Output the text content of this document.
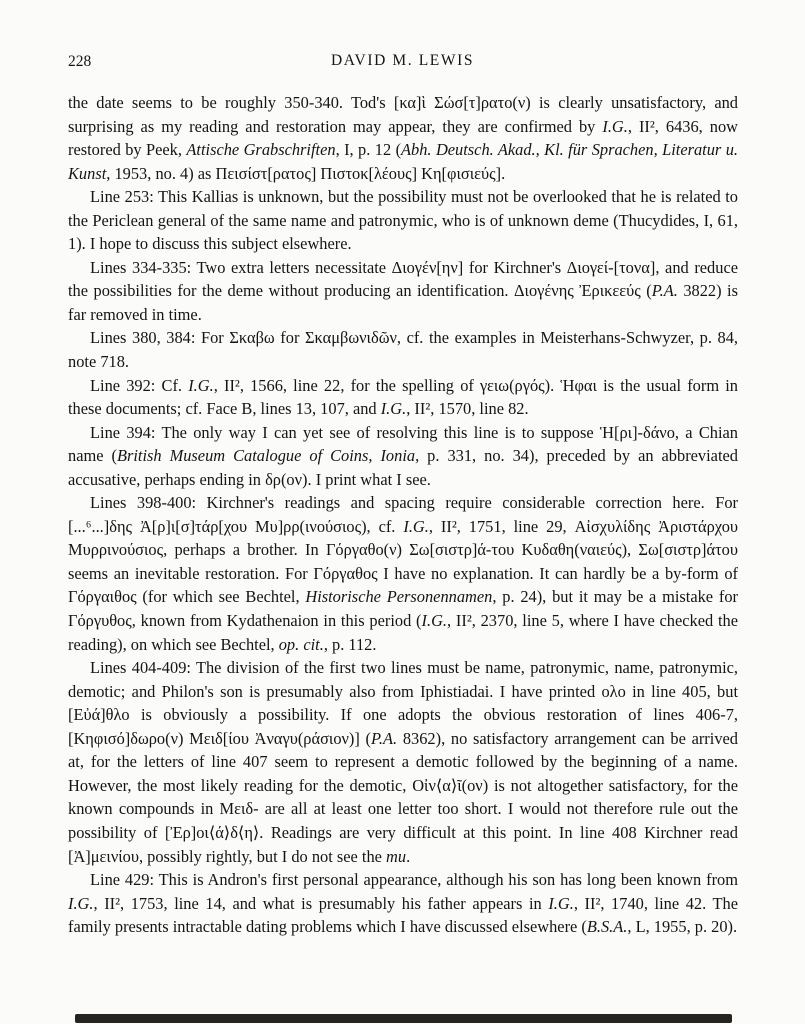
228	DAVID M. LEWIS

the date seems to be roughly 350-340. Tod's [κα]ὶ Σώσ[τ]ρατο(ν) is clearly unsatisfactory, and surprising as my reading and restoration may appear, they are confirmed by I.G., II², 6436, now restored by Peek, Attische Grabschriften, I, p. 12 (Abh. Deutsch. Akad., Kl. für Sprachen, Literatur u. Kunst, 1953, no. 4) as Πεισίστ[ρατος] Πιστοκ[λέους] Κη[φισιεύς].

Line 253: This Kallias is unknown, but the possibility must not be overlooked that he is related to the Periclean general of the same name and patronymic, who is of unknown deme (Thucydides, I, 61, 1). I hope to discuss this subject elsewhere.

Lines 334-335: Two extra letters necessitate Διογέν[ην] for Kirchner's Διογεί-[τονα], and reduce the possibilities for the deme without producing an identification. Διογένης Ἐρικεεύς (P.A. 3822) is far removed in time.

Lines 380, 384: For Σκαβω for Σκαμβωνιδῶν, cf. the examples in Meisterhans-Schwyzer, p. 84, note 718.

Line 392: Cf. I.G., II², 1566, line 22, for the spelling of γειω(ργός). Ἡφαι is the usual form in these documents; cf. Face B, lines 13, 107, and I.G., II², 1570, line 82.

Line 394: The only way I can yet see of resolving this line is to suppose Ἡ[ρι]-δάνο, a Chian name (British Museum Catalogue of Coins, Ionia, p. 331, no. 34), preceded by an abbreviated accusative, perhaps ending in δρ(ον). I print what I see.

Lines 398-400: Kirchner's readings and spacing require considerable correction here. For [...⁶...]δης Ἀ[ρ]ι[σ]τάρ[χου Μυ]ρρ(ινούσιος), cf. I.G., II², 1751, line 29, Αἰσχυλίδης Ἀριστάρχου Μυρρινούσιος, perhaps a brother. In Γόργαθο(ν) Σω[σιστρ]ά-του Κυδαθη(ναιεύς), Σω[σιστρ]άτου seems an inevitable restoration. For Γόργαθος I have no explanation. It can hardly be a by-form of Γόργαιθος (for which see Bechtel, Historische Personennamen, p. 24), but it may be a mistake for Γόργυθος, known from Kydathenaion in this period (I.G., II², 2370, line 5, where I have checked the reading), on which see Bechtel, op. cit., p. 112.

Lines 404-409: The division of the first two lines must be name, patronymic, name, patronymic, demotic; and Philon's son is presumably also from Iphistiadai. I have printed ολο in line 405, but [Εὐά]θλο is obviously a possibility. If one adopts the obvious restoration of lines 406-7, [Κηφισό]δωρο(ν) Μειδ[ίου Ἀναγυ(ράσιον)] (P.A. 8362), no satisfactory arrangement can be arrived at, for the letters of line 407 seem to represent a demotic followed by the beginning of a name. However, the most likely reading for the demotic, Οἰν⟨α⟩ῖ(ον) is not altogether satisfactory, for the known compounds in Μειδ- are all at least one letter too short. I would not therefore rule out the possibility of [Ἐρ]οι⟨ά⟩δ⟨η⟩. Readings are very difficult at this point. In line 408 Kirchner read [Ἀ]μεινίου, possibly rightly, but I do not see the mu.

Line 429: This is Andron's first personal appearance, although his son has long been known from I.G., II², 1753, line 14, and what is presumably his father appears in I.G., II², 1740, line 42. The family presents intractable dating problems which I have discussed elsewhere (B.S.A., L, 1955, p. 20).
